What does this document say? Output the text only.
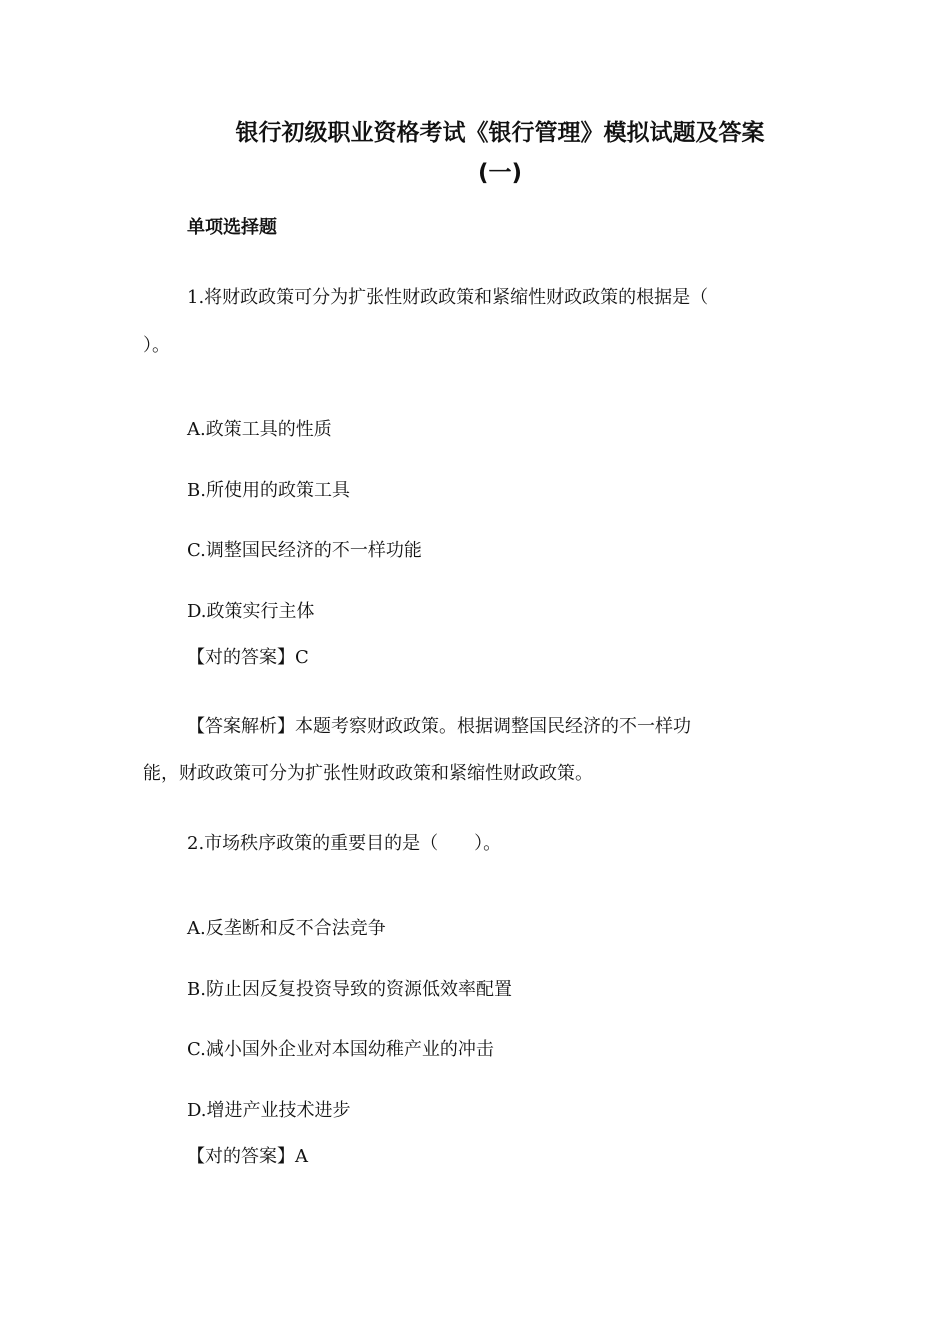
银行初级职业资格考试《银行管理》模拟试题及答案
(一)
单项选择题

1.将财政政策可分为扩张性财政政策和紧缩性财政政策的根据是（

）。

A.政策工具的性质

B.所使用的政策工具

C.调整国民经济的不一样功能

D.政策实行主体

【对的答案】C

【答案解析】本题考察财政政策。根据调整国民经济的不一样功

能，财政政策可分为扩张性财政政策和紧缩性财政政策。

2.市场秩序政策的重要目的是（　　）。

A.反垄断和反不合法竞争

B.防止因反复投资导致的资源低效率配置

C.减小国外企业对本国幼稚产业的冲击

D.增进产业技术进步

【对的答案】A
